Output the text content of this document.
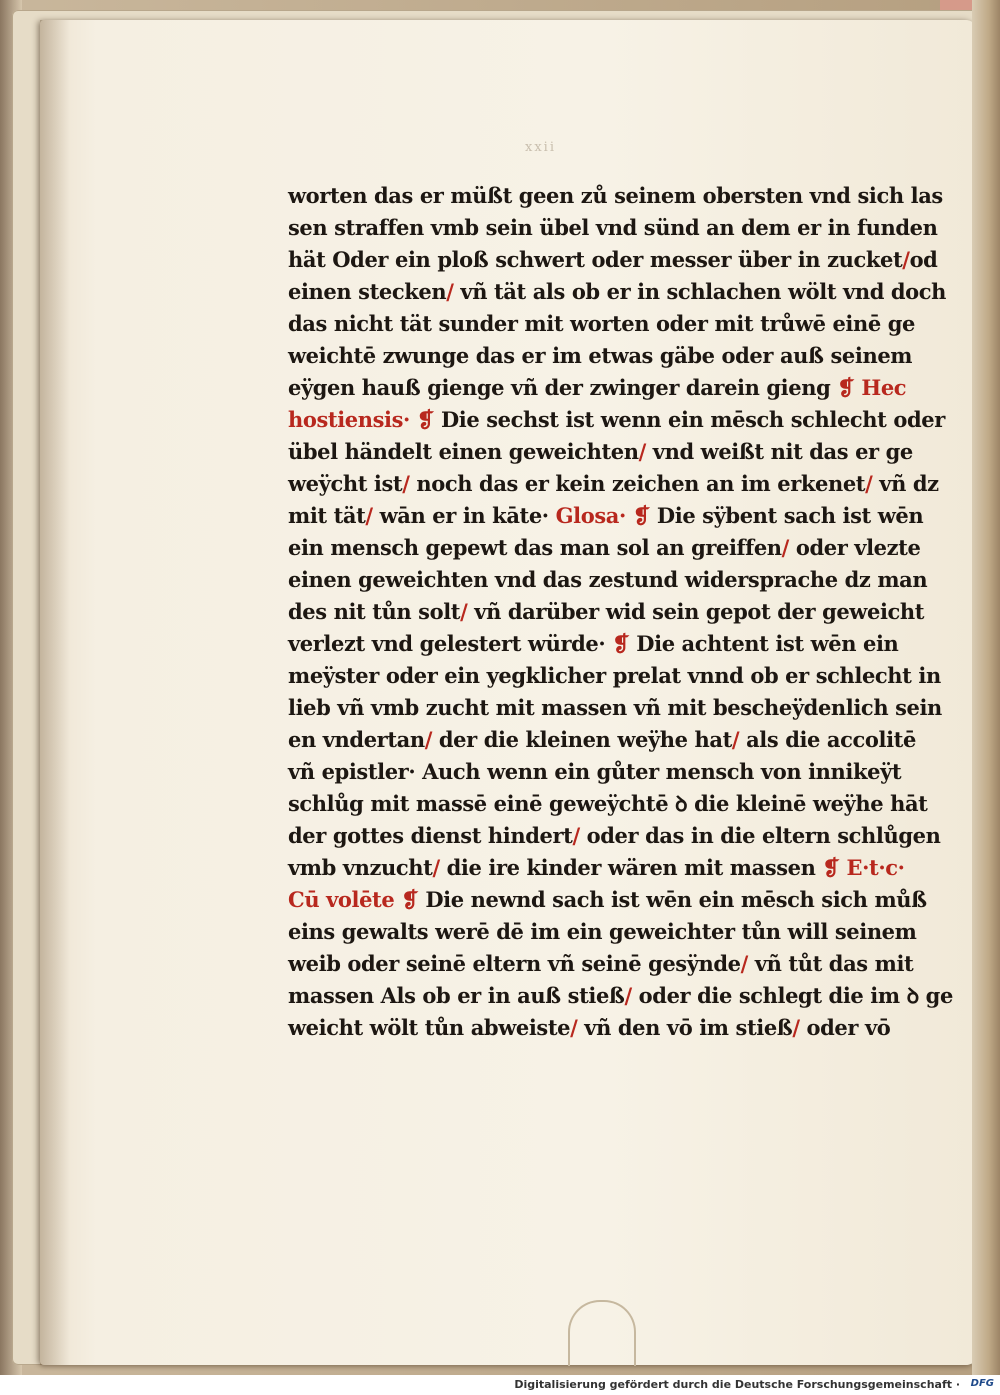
xxii
worten das er müßt geen zů seinem obersten vnd sich las
sen straffen vmb sein übel vnd sünd an dem er in funden
hät Oder ein ploß schwert oder messer über in zucket/
einen stecken/ vñ tät als ob er in schlachen wölt vnd doch
das nicht tät sunder mit worten oder mit trůwē einē ge
weichtē zwunge das er im etwas gäbe oder auß seinem
eÿgen hauß giengе vñ der zwinger darein gieng ❡ Hec
hostiensis· ❡ Die sechst ist wenn ein mēsch schlecht oder
übel händelt einen geweichten/ vnd weißt nit das er ge
weÿcht ist/ noch das er kein zeichen an im erkenet/ vñ dz
mit tät/ wān er in kāte· Glosa· ❡ Die sÿbent sach ist wēn
ein mensch gepewt das man sol an greiffen/ oder vlezte
einen geweichten vnd das zestund widersprache dz man
des nit tůn solt/ vñ darüber wid sein gepot der geweicht
verlezt vnd gelestert würde· ❡ Die achtent ist wēn ein
meÿster oder ein yegklicher prelat vnnd ob er schlecht in
lieb vñ vmb zucht mit massen vñ mit bescheÿdenlich sein
en vndertan/ der die kleinen weÿhe hat/ als die accolitē
vñ epistler· Auch wenn ein gůter mensch von innikeÿt
schlůg mit massē einē geweÿchtē ꝺ die kleinē weÿhe hāt
der gottes dienst hindert/ oder das in die eltern schlůgen
vmb vnzucht/ die ire kinder wären mit massen ❡ E·t·c·
Cū volēte ❡ Die newnd sach ist wēn ein mēsch sich můß
eins gewalts werē dē im ein geweichter tůn will seinem
weib oder seinē eltern vñ seinē gesÿnde/ vñ tůt das mit
massen Als ob er in auß stieß/ oder die schlegt die im ꝺ ge
weicht wölt tůn abweiste/ vñ den vō im stieß/ oder vō
Digitalisierung gefördert durch die Deutsche Forschungsgemeinschaft · DFG
